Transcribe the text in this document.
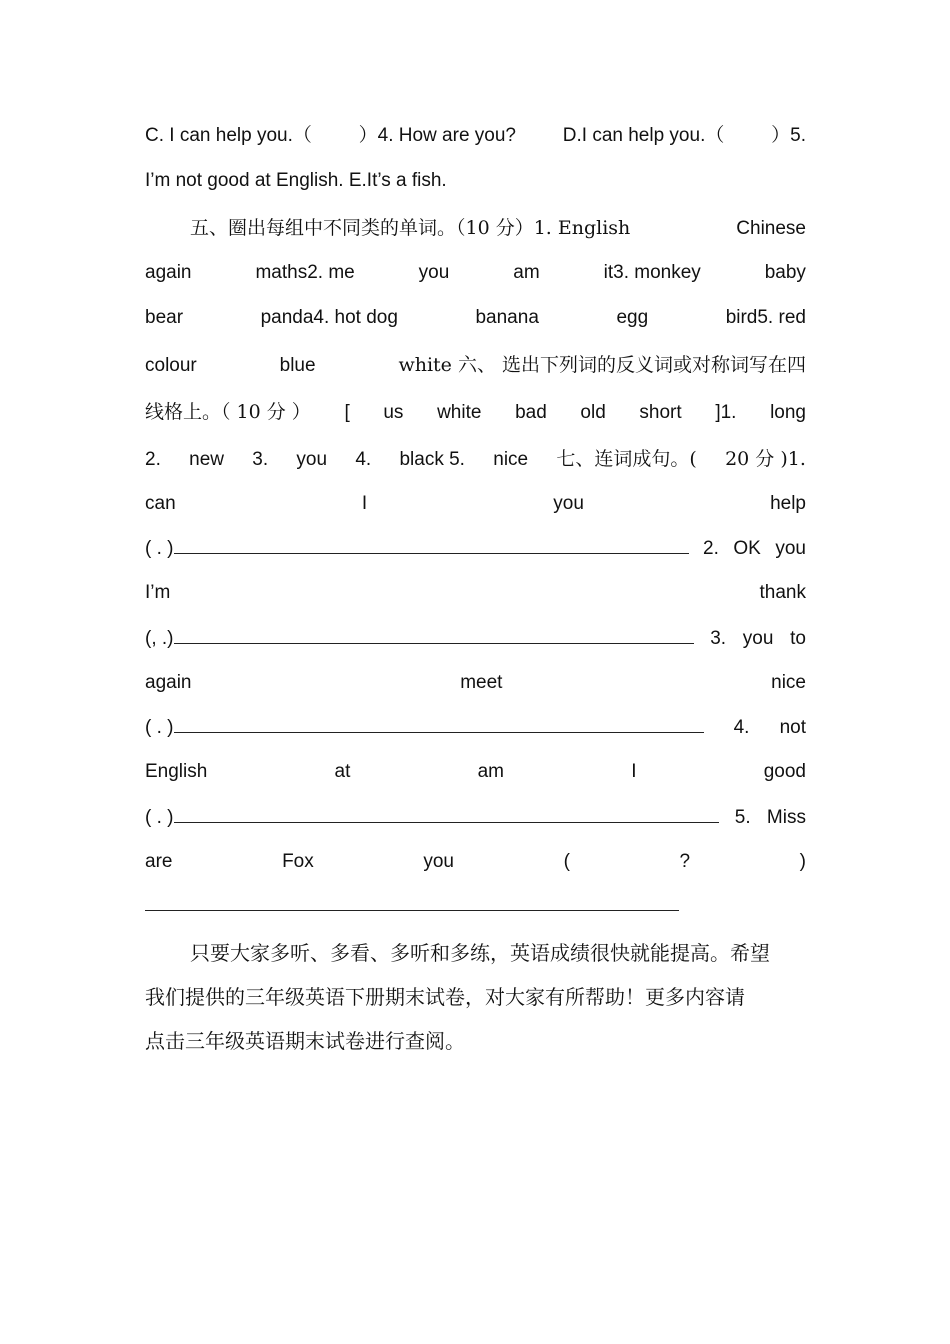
C. I can help you.（ ）4. How are you? D.I can help you.（ ）5.
I’m not good at English. E.It’s a fish.
五、圈出每组中不同类的单词。（10 分）1. English	Chinese
again	maths2. me	you	am	it3. monkey	baby
bear	panda4. hot dog	banana	egg	bird5. red
colour	blue	white 六、 选出下列词的反义词或对称词写在四
线格上。（ 10 分 ） [ us white bad old short ]1. long
2. new 3. you 4. black 5. nice 七、连词成句。( 20 分 )1.
can	I	you	help
( . )	2. OK you
I’m	thank
(, .)	3. you to
again	meet	nice
( . )	4. not
English	at	am	I	good
( . )	5. Miss
are	Fox	you	(	?	)
只要大家多听、多看、多听和多练，英语成绩很快就能提高。希望
我们提供的三年级英语下册期末试卷，对大家有所帮助！更多内容请
点击三年级英语期末试卷进行查阅。
